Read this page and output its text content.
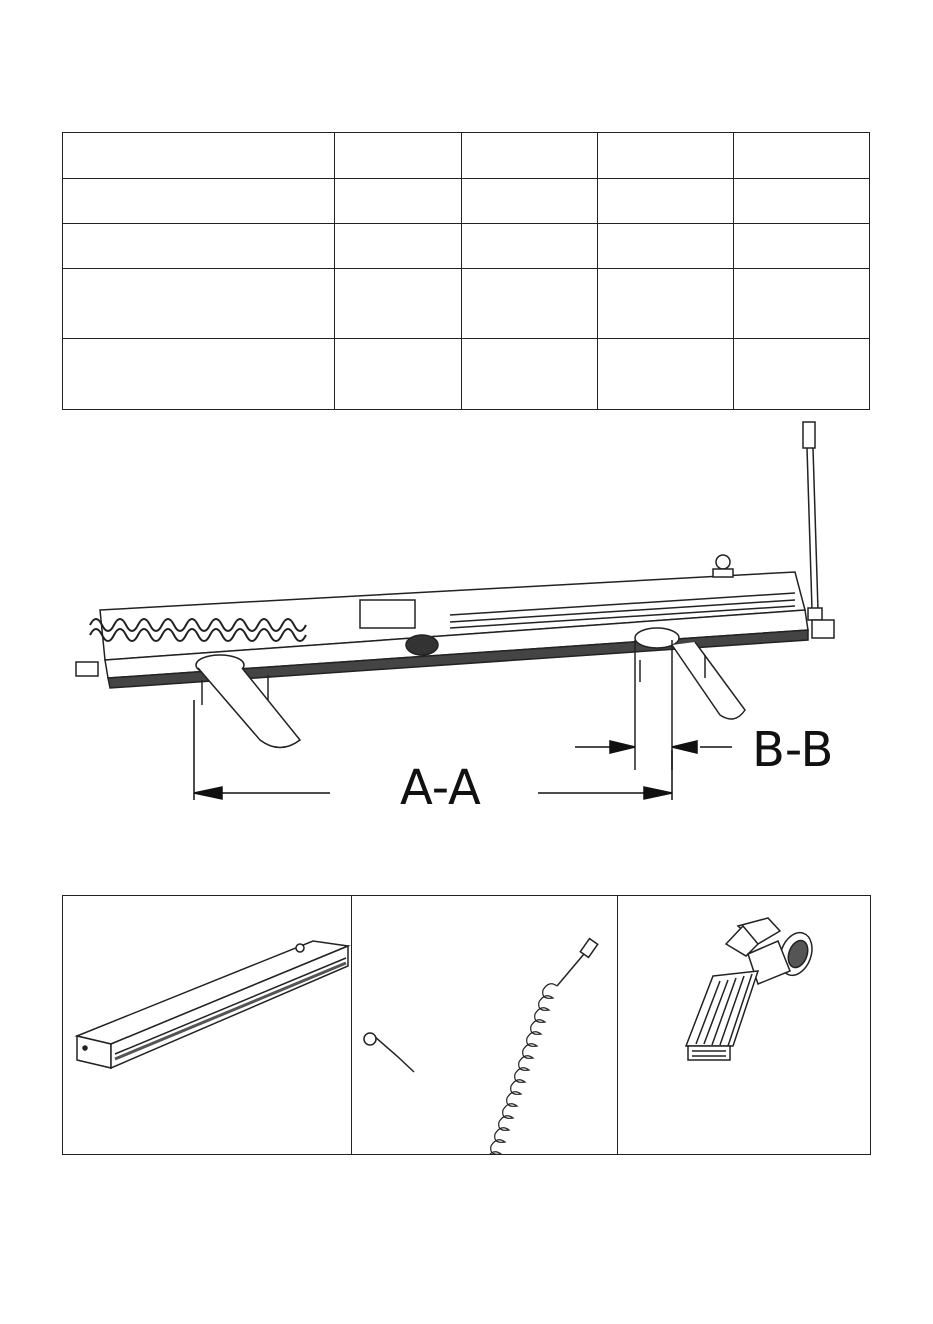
A-A
B-B
